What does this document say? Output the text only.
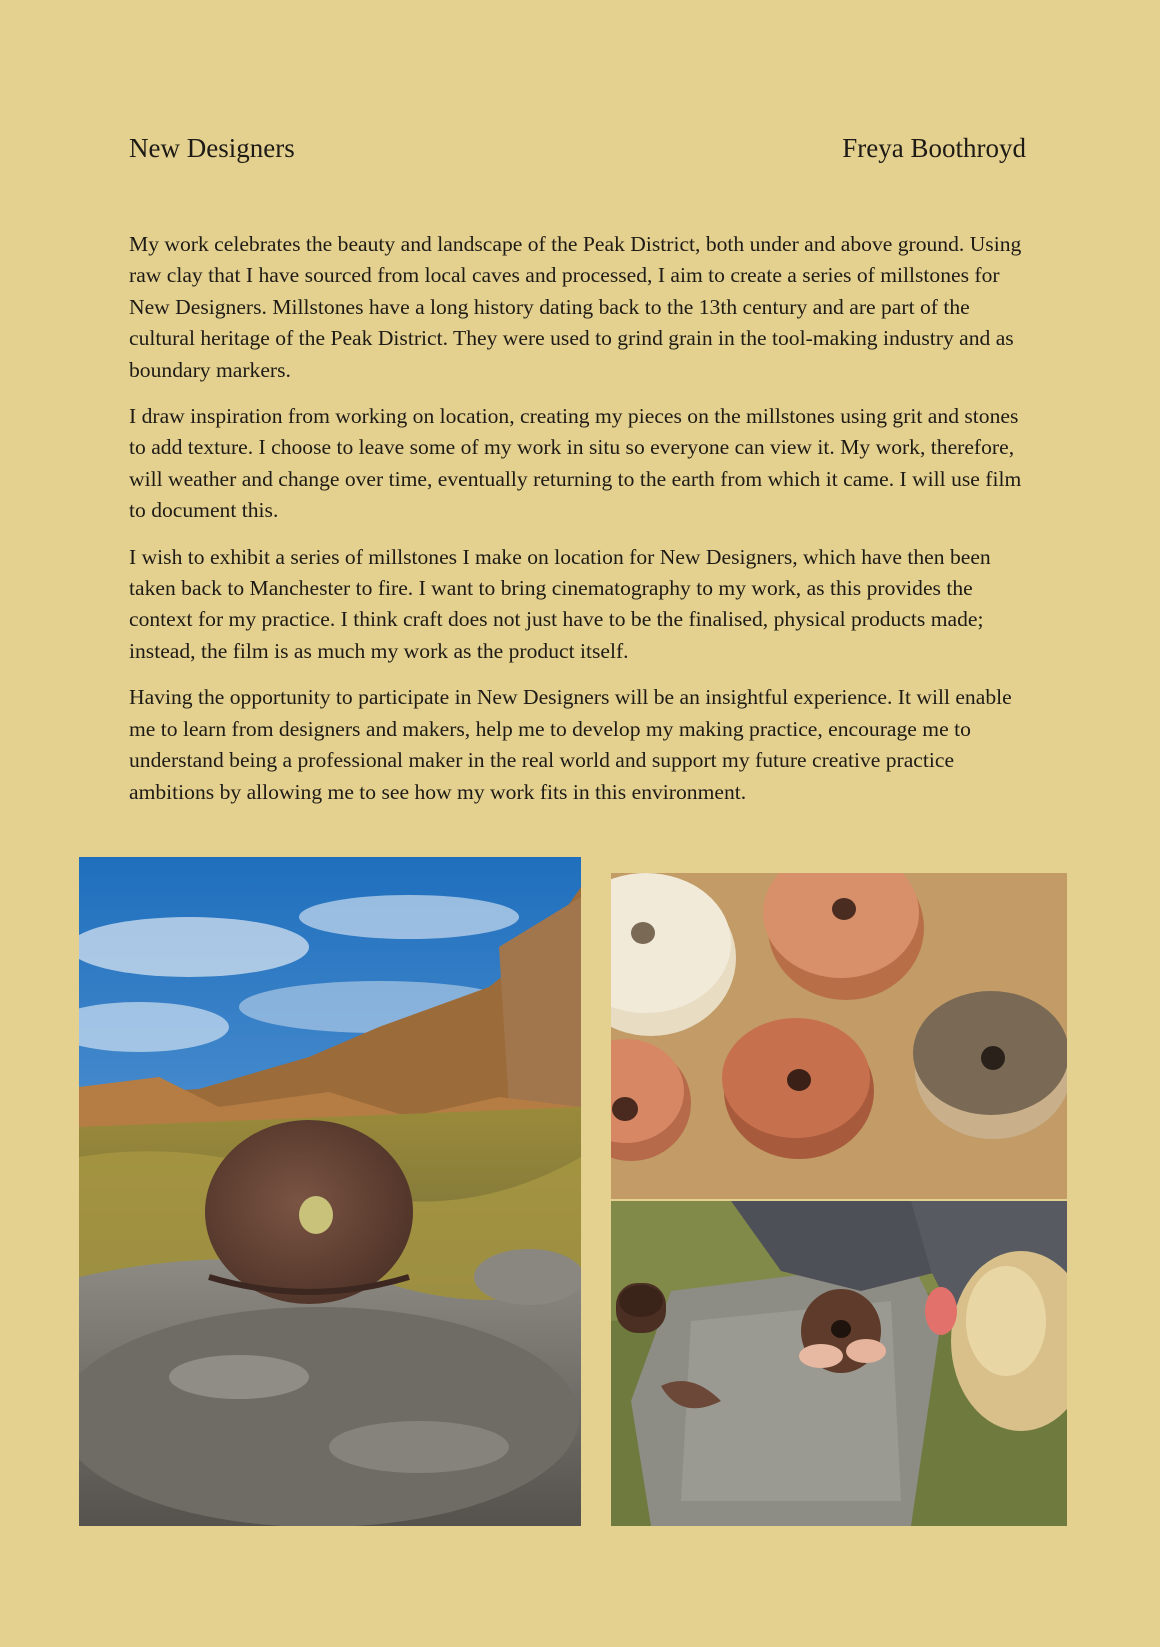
New Designers	Freya Boothroyd

My work celebrates the beauty and landscape of the Peak District, both under and above ground. Using raw clay that I have sourced from local caves and processed, I aim to create a series of millstones for New Designers. Millstones have a long history dating back to the 13th century and are part of the cultural heritage of the Peak District. They were used to grind grain in the tool-making industry and as boundary markers.

I draw inspiration from working on location, creating my pieces on the millstones using grit and stones to add texture. I choose to leave some of my work in situ so everyone can view it. My work, therefore, will weather and change over time, eventually returning to the earth from which it came. I will use film to document this.

I wish to exhibit a series of millstones I make on location for New Designers, which have then been taken back to Manchester to fire. I want to bring cinematography to my work, as this provides the context for my practice. I think craft does not just have to be the finalised, physical products made; instead, the film is as much my work as the product itself.

Having the opportunity to participate in New Designers will be an insightful experience. It will enable me to learn from designers and makers, help me to develop my making practice, encourage me to understand being a professional maker in the real world and support my future creative practice ambitions by allowing me to see how my work fits in this environment.
